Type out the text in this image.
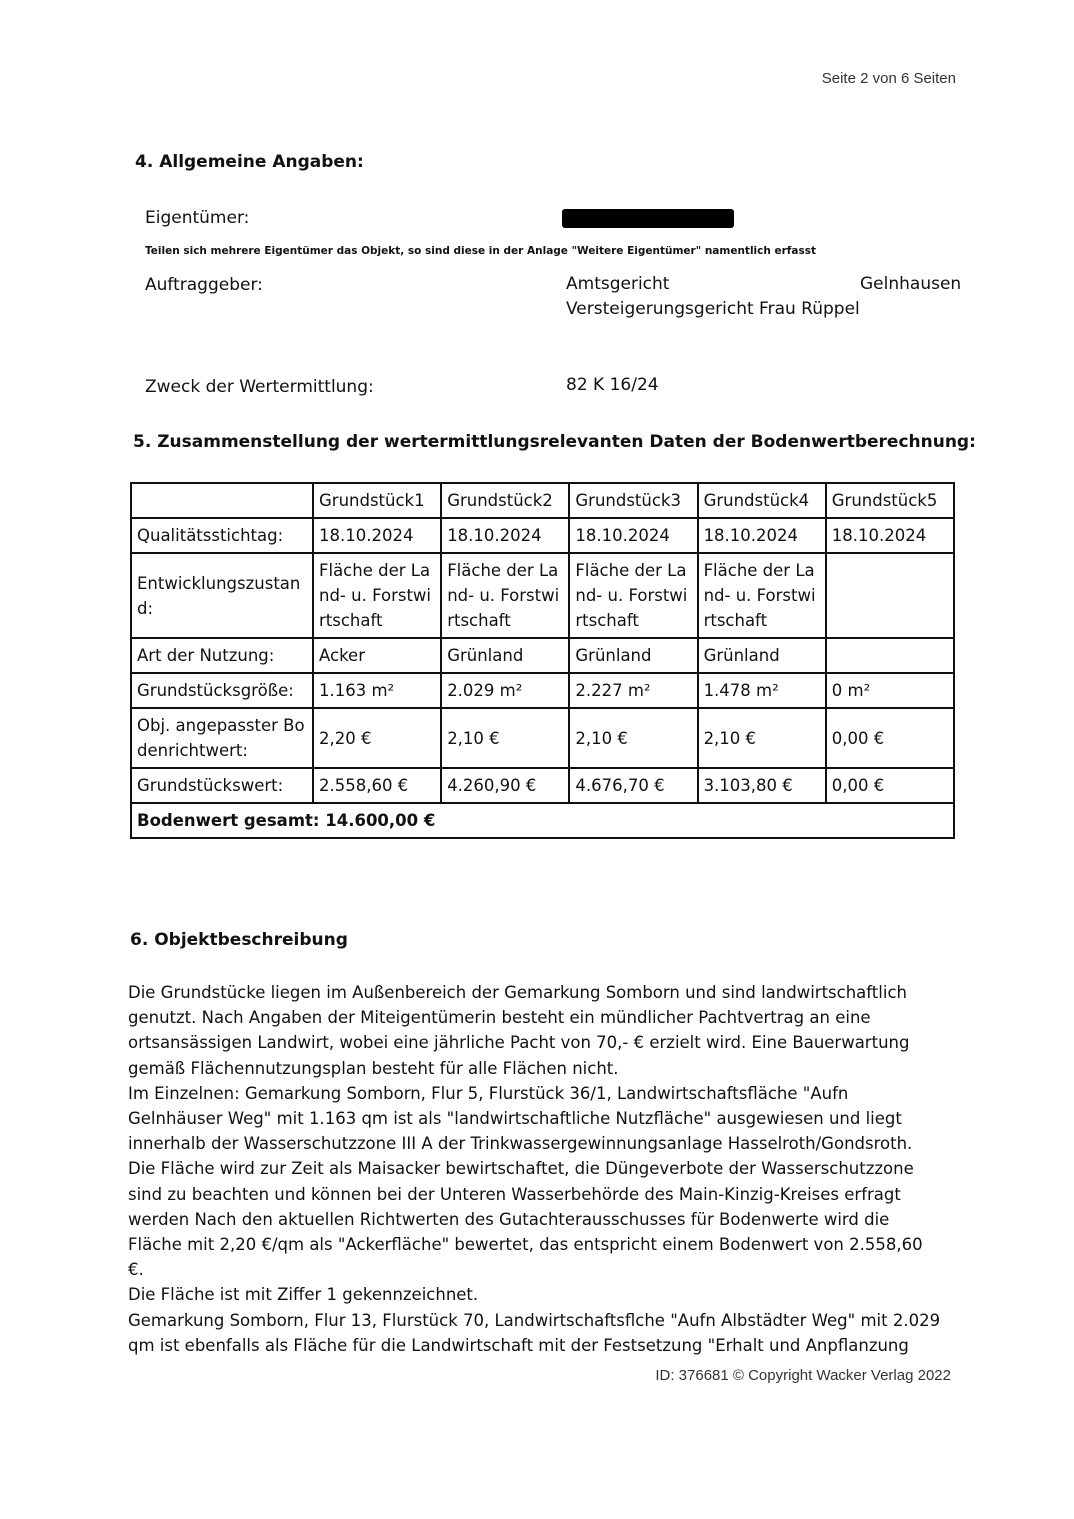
Seite 2 von 6 Seiten
4. Allgemeine Angaben:
Eigentümer:
Teilen sich mehrere Eigentümer das Objekt, so sind diese in der Anlage "Weitere Eigentümer" namentlich erfasst
Auftraggeber:	Amtsgericht	Gelnhausen
Versteigerungsgericht Frau Rüppel
Zweck der Wertermittlung:	82 K 16/24
5. Zusammenstellung der wertermittlungsrelevanten Daten der Bodenwertberechnung:
	Grundstück1	Grundstück2	Grundstück3	Grundstück4	Grundstück5
Qualitätsstichtag:	18.10.2024	18.10.2024	18.10.2024	18.10.2024	18.10.2024
Entwicklungszustand:	Fläche der Land- u. Forstwirtschaft	Fläche der Land- u. Forstwirtschaft	Fläche der Land- u. Forstwirtschaft	Fläche der Land- u. Forstwirtschaft	
Art der Nutzung:	Acker	Grünland	Grünland	Grünland	
Grundstücksgröße:	1.163 m²	2.029 m²	2.227 m²	1.478 m²	0 m²
Obj. angepasster Bodenrichtwert:	2,20 €	2,10 €	2,10 €	2,10 €	0,00 €
Grundstückswert:	2.558,60 €	4.260,90 €	4.676,70 €	3.103,80 €	0,00 €
Bodenwert gesamt: 14.600,00 €					
6. Objektbeschreibung
Die Grundstücke liegen im Außenbereich der Gemarkung Somborn und sind landwirtschaftlich
genutzt. Nach Angaben der Miteigentümerin besteht ein mündlicher Pachtvertrag an eine
ortsansässigen Landwirt, wobei eine jährliche Pacht von 70,- € erzielt wird. Eine Bauerwartung
gemäß Flächennutzungsplan besteht für alle Flächen nicht.
Im Einzelnen: Gemarkung Somborn, Flur 5, Flurstück 36/1, Landwirtschaftsfläche "Aufn
Gelnhäuser Weg" mit 1.163 qm ist als "landwirtschaftliche Nutzfläche" ausgewiesen und liegt
innerhalb der Wasserschutzzone III A der Trinkwassergewinnungsanlage Hasselroth/Gondsroth.
Die Fläche wird zur Zeit als Maisacker bewirtschaftet, die Düngeverbote der Wasserschutzzone
sind zu beachten und können bei der Unteren Wasserbehörde des Main-Kinzig-Kreises erfragt
werden Nach den aktuellen Richtwerten des Gutachterausschusses für Bodenwerte wird die
Fläche mit 2,20 €/qm als "Ackerfläche" bewertet, das entspricht einem Bodenwert von 2.558,60
€.
Die Fläche ist mit Ziffer 1 gekennzeichnet.
Gemarkung Somborn, Flur 13, Flurstück 70, Landwirtschaftsflche "Aufn Albstädter Weg" mit 2.029
qm ist ebenfalls als Fläche für die Landwirtschaft mit der Festsetzung "Erhalt und Anpflanzung
ID: 376681 © Copyright Wacker Verlag 2022
